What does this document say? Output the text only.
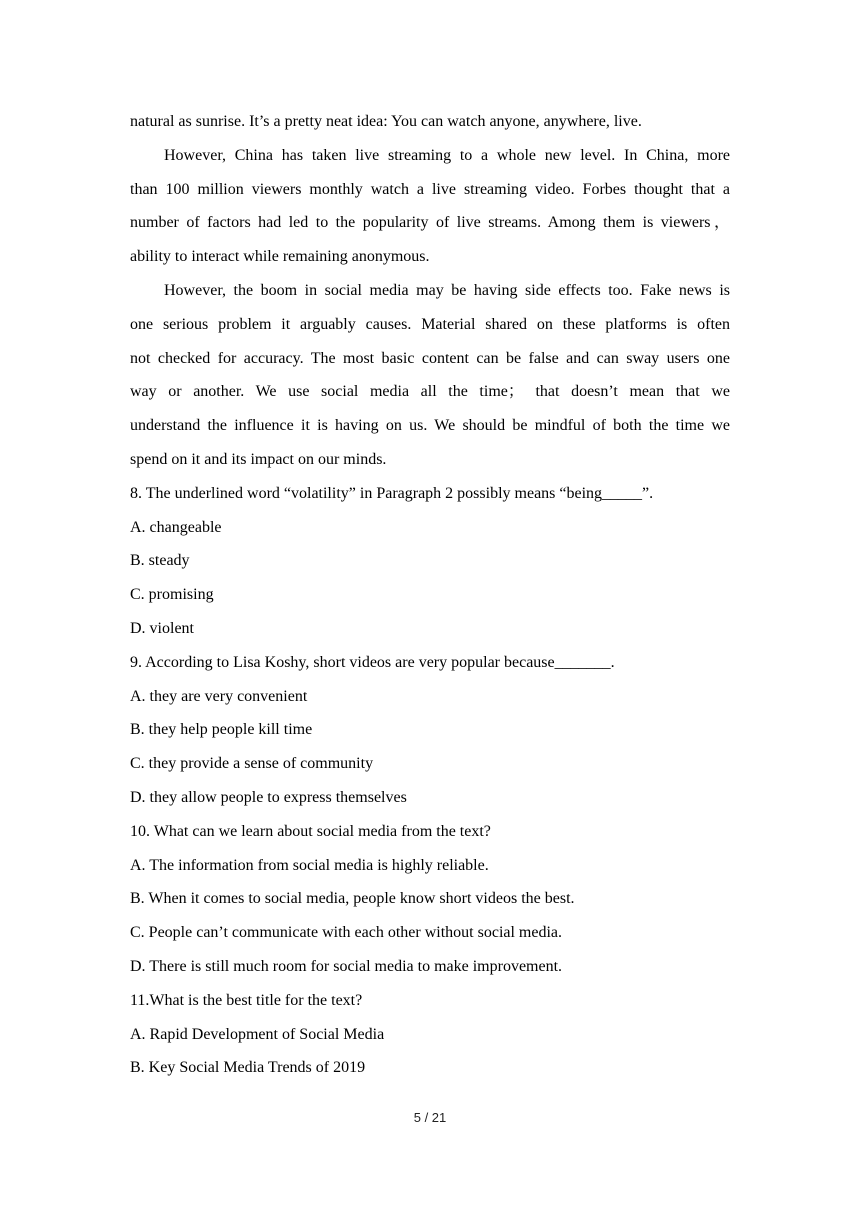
natural as sunrise. It’s a pretty neat idea: You can watch anyone, anywhere, live.
However, China has taken live streaming to a whole new level. In China, more
than 100 million viewers monthly watch a live streaming video. Forbes thought that a
number of factors had led to the popularity of live streams. Among them is viewers，
ability to interact while remaining anonymous.
However, the boom in social media may be having side effects too. Fake news is
one serious problem it arguably causes. Material shared on these platforms is often
not checked for accuracy. The most basic content can be false and can sway users one
way or another. We use social media all the time； that doesn’t mean that we
understand the influence it is having on us. We should be mindful of both the time we
spend on it and its impact on our minds.
8. The underlined word “volatility” in Paragraph 2 possibly means “being_____”.
A. changeable
B. steady
C. promising
D. violent
9. According to Lisa Koshy, short videos are very popular because_______.
A. they are very convenient
B. they help people kill time
C. they provide a sense of community
D. they allow people to express themselves
10. What can we learn about social media from the text?
A. The information from social media is highly reliable.
B. When it comes to social media, people know short videos the best.
C. People can’t communicate with each other without social media.
D. There is still much room for social media to make improvement.
11.What is the best title for the text?
A. Rapid Development of Social Media
B. Key Social Media Trends of 2019
5 / 21
